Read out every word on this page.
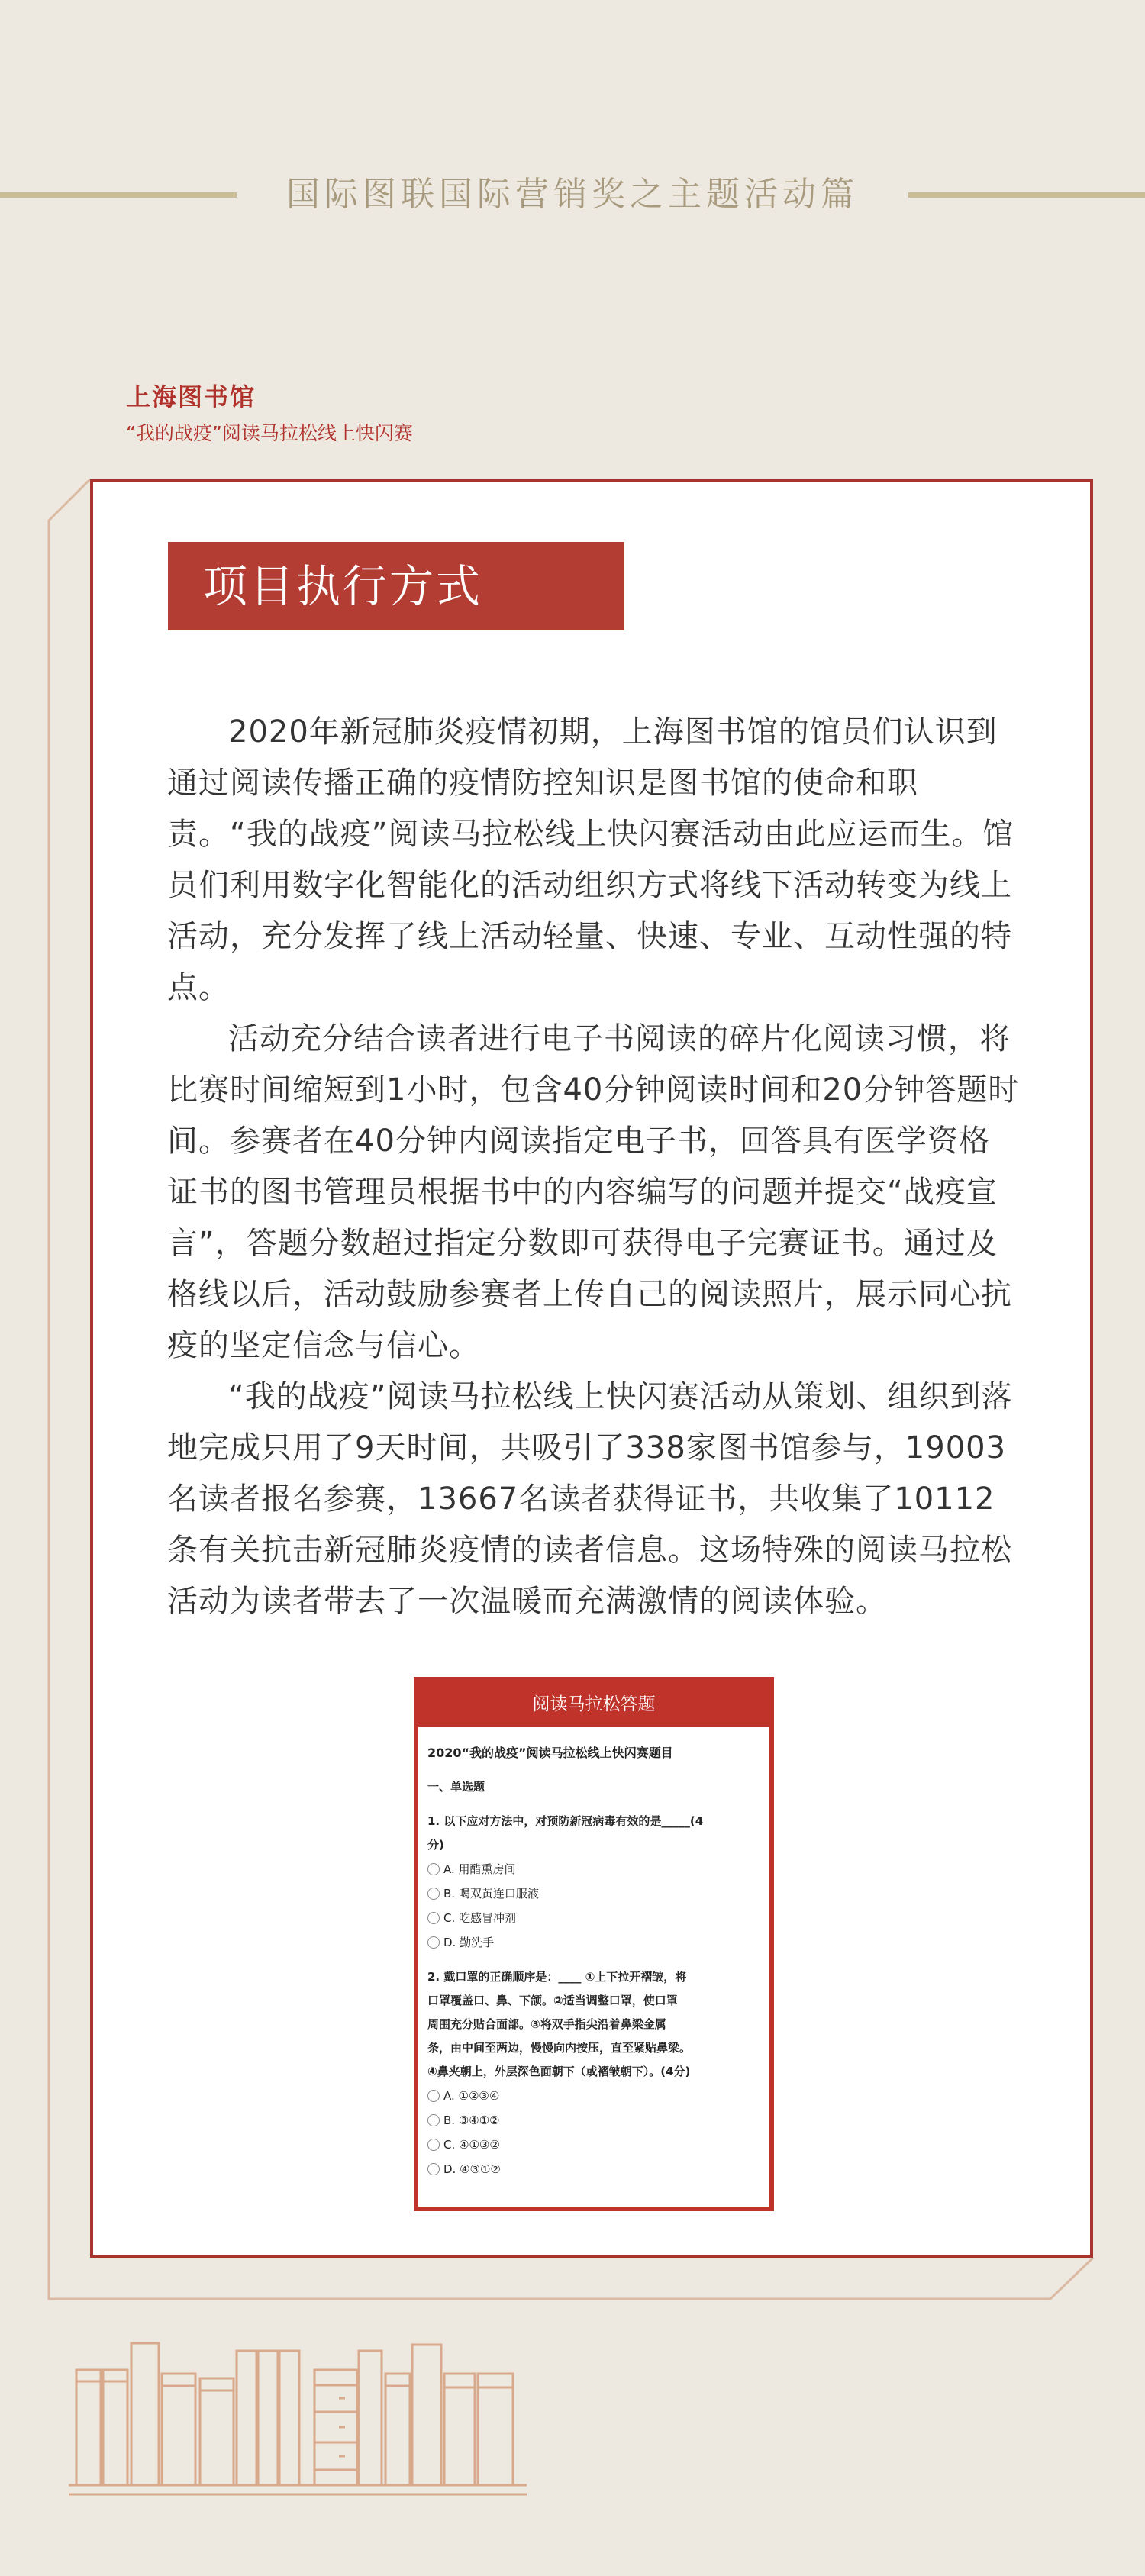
国际图联国际营销奖之主题活动篇
上海图书馆
“我的战疫”阅读马拉松线上快闪赛
项目执行方式

2020年新冠肺炎疫情初期，上海图书馆的馆员们认识到通过阅读传播正确的疫情防控知识是图书馆的使命和职责。“我的战疫”阅读马拉松线上快闪赛活动由此应运而生。馆员们利用数字化智能化的活动组织方式将线下活动转变为线上活动，充分发挥了线上活动轻量、快速、专业、互动性强的特点。

活动充分结合读者进行电子书阅读的碎片化阅读习惯，将比赛时间缩短到1小时，包含40分钟阅读时间和20分钟答题时间。参赛者在40分钟内阅读指定电子书，回答具有医学资格证书的图书管理员根据书中的内容编写的问题并提交“战疫宣言”，答题分数超过指定分数即可获得电子完赛证书。通过及格线以后，活动鼓励参赛者上传自己的阅读照片，展示同心抗疫的坚定信念与信心。

“我的战疫”阅读马拉松线上快闪赛活动从策划、组织到落地完成只用了9天时间，共吸引了338家图书馆参与，19003名读者报名参赛，13667名读者获得证书，共收集了10112条有关抗击新冠肺炎疫情的读者信息。这场特殊的阅读马拉松活动为读者带去了一次温暖而充满激情的阅读体验。

阅读马拉松答题
2020“我的战疫”阅读马拉松线上快闪赛题目
一、单选题
1. 以下应对方法中，对预防新冠病毒有效的是_____(4
分)
A. 用醋熏房间
B. 喝双黄连口服液
C. 吃感冒冲剂
D. 勤洗手
2. 戴口罩的正确顺序是：____ ①上下拉开褶皱，将
口罩覆盖口、鼻、下颌。②适当调整口罩，使口罩
周围充分贴合面部。③将双手指尖沿着鼻梁金属
条，由中间至两边，慢慢向内按压，直至紧贴鼻梁。
④鼻夹朝上，外层深色面朝下（或褶皱朝下）。(4分)
A. ①②③④
B. ③④①②
C. ④①③②
D. ④③①②
